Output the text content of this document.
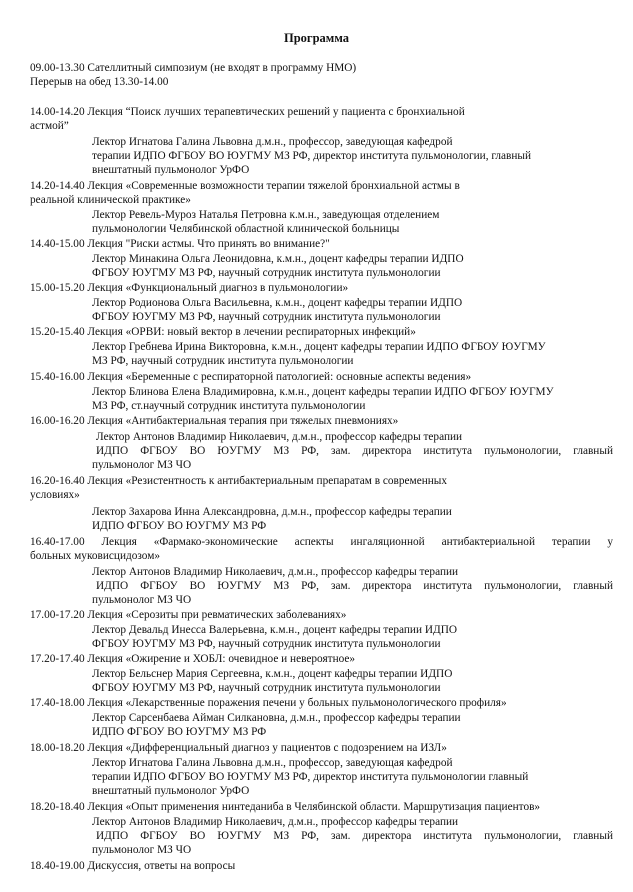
Программа
09.00-13.30 Сателлитный симпозиум (не входят в программу НМО)
Перерыв на обед 13.30-14.00
14.00-14.20 Лекция “Поиск лучших терапевтических решений у пациента с бронхиальной
астмой”
Лектор Игнатова Галина Львовна д.м.н., профессор, заведующая кафедрой
терапии ИДПО ФГБОУ ВО ЮУГМУ МЗ РФ, директор института пульмонологии, главный
внештатный пульмонолог УрФО
14.20-14.40 Лекция «Современные возможности терапии тяжелой бронхиальной астмы в
реальной клинической практике»
Лектор Ревель-Муроз Наталья Петровна к.м.н., заведующая отделением
пульмонологии Челябинской областной клинической больницы
14.40-15.00 Лекция "Риски астмы. Что принять во внимание?"
Лектор Минакина Ольга Леонидовна, к.м.н., доцент кафедры терапии ИДПО
ФГБОУ ЮУГМУ МЗ РФ, научный сотрудник института пульмонологии
15.00-15.20 Лекция «Функциональный диагноз в пульмонологии»
Лектор Родионова Ольга Васильевна, к.м.н., доцент кафедры терапии ИДПО
ФГБОУ ЮУГМУ МЗ РФ, научный сотрудник института пульмонологии
15.20-15.40 Лекция «ОРВИ: новый вектор в лечении респираторных инфекций»
Лектор Гребнева Ирина Викторовна, к.м.н., доцент кафедры терапии ИДПО ФГБОУ ЮУГМУ
МЗ РФ, научный сотрудник института пульмонологии
15.40-16.00 Лекция «Беременные с респираторной патологией: основные аспекты ведения»
Лектор Блинова Елена Владимировна, к.м.н., доцент кафедры терапии ИДПО ФГБОУ ЮУГМУ
МЗ РФ, ст.научный сотрудник института пульмонологии
16.00-16.20 Лекция «Антибактериальная терапия при тяжелых пневмониях»
Лектор Антонов Владимир Николаевич, д.м.н., профессор кафедры терапии
ИДПО ФГБОУ ВО ЮУГМУ МЗ РФ, зам. директора института пульмонологии, главный
пульмонолог МЗ ЧО
16.20-16.40 Лекция «Резистентность к антибактериальным препаратам в современных
условиях»
Лектор Захарова Инна Александровна, д.м.н., профессор кафедры терапии
ИДПО ФГБОУ ВО ЮУГМУ МЗ РФ
16.40-17.00 Лекция «Фармако-экономические аспекты ингаляционной антибактериальной терапии у
больных муковисцидозом»
Лектор Антонов Владимир Николаевич, д.м.н., профессор кафедры терапии
ИДПО ФГБОУ ВО ЮУГМУ МЗ РФ, зам. директора института пульмонологии, главный
пульмонолог МЗ ЧО
17.00-17.20 Лекция «Серозиты при ревматических заболеваниях»
Лектор Девальд Инесса Валерьевна, к.м.н., доцент кафедры терапии ИДПО
ФГБОУ ЮУГМУ МЗ РФ, научный сотрудник института пульмонологии
17.20-17.40 Лекция «Ожирение и ХОБЛ: очевидное и невероятное»
Лектор Бельснер Мария Сергеевна, к.м.н., доцент кафедры терапии ИДПО
ФГБОУ ЮУГМУ МЗ РФ, научный сотрудник института пульмонологии
17.40-18.00 Лекция «Лекарственные поражения печени у больных пульмонологического профиля»
Лектор Сарсенбаева Айман Силкановна, д.м.н., профессор кафедры терапии
ИДПО ФГБОУ ВО ЮУГМУ МЗ РФ
18.00-18.20 Лекция «Дифференциальный диагноз у пациентов с подозрением на ИЗЛ»
Лектор Игнатова Галина Львовна д.м.н., профессор, заведующая кафедрой
терапии ИДПО ФГБОУ ВО ЮУГМУ МЗ РФ, директор института пульмонологии главный
внештатный пульмонолог УрФО
18.20-18.40 Лекция «Опыт применения нинтеданиба в Челябинской области. Маршрутизация пациентов»
Лектор Антонов Владимир Николаевич, д.м.н., профессор кафедры терапии
ИДПО ФГБОУ ВО ЮУГМУ МЗ РФ, зам. директора института пульмонологии, главный
пульмонолог МЗ ЧО
18.40-19.00 Дискуссия, ответы на вопросы
